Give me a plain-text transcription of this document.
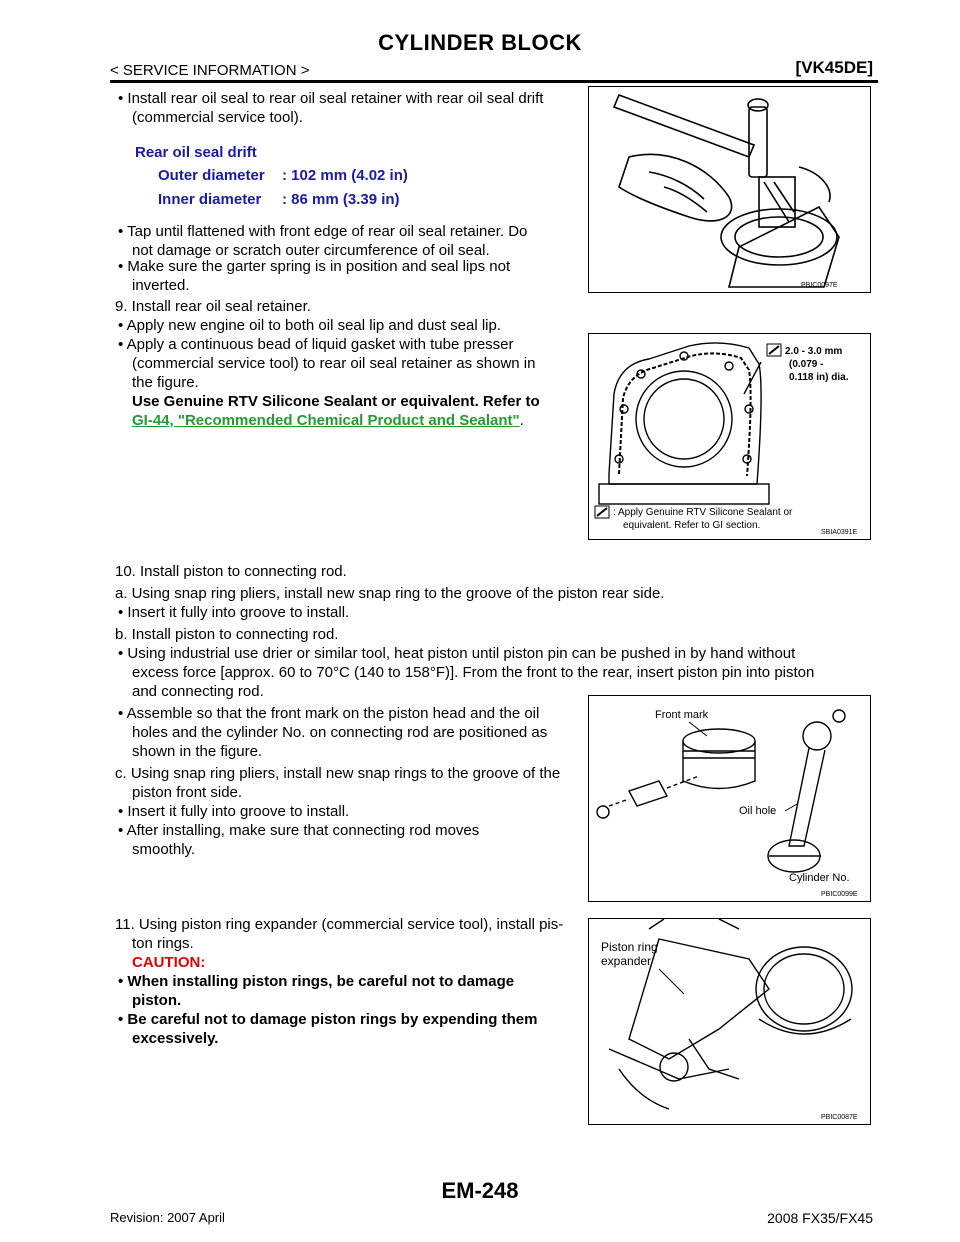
CYLINDER BLOCK
< SERVICE INFORMATION >	[VK45DE]
• Install rear oil seal to rear oil seal retainer with rear oil seal drift
(commercial service tool).
Rear oil seal drift
Outer diameter : 102 mm (4.02 in)
Inner diameter : 86 mm (3.39 in)
• Tap until flattened with front edge of rear oil seal retainer. Do
not damage or scratch outer circumference of oil seal.
• Make sure the garter spring is in position and seal lips not
inverted.
9. Install rear oil seal retainer.
• Apply new engine oil to both oil seal lip and dust seal lip.
• Apply a continuous bead of liquid gasket with tube presser
(commercial service tool) to rear oil seal retainer as shown in
the figure.
Use Genuine RTV Silicone Sealant or equivalent. Refer to
GI-44, "Recommended Chemical Product and Sealant".
10. Install piston to connecting rod.
a. Using snap ring pliers, install new snap ring to the groove of the piston rear side.
• Insert it fully into groove to install.
b. Install piston to connecting rod.
• Using industrial use drier or similar tool, heat piston until piston pin can be pushed in by hand without
excess force [approx. 60 to 70°C (140 to 158°F)]. From the front to the rear, insert piston pin into piston
and connecting rod.
• Assemble so that the front mark on the piston head and the oil
holes and the cylinder No. on connecting rod are positioned as
shown in the figure.
c. Using snap ring pliers, install new snap rings to the groove of the
piston front side.
• Insert it fully into groove to install.
• After installing, make sure that connecting rod moves
smoothly.
11. Using piston ring expander (commercial service tool), install pis-
ton rings.
CAUTION:
• When installing piston rings, be careful not to damage
piston.
• Be careful not to damage piston rings by expending them
excessively.
PBIC0097E
2.0 - 3.0 mm
(0.079 -
0.118 in) dia.
: Apply Genuine RTV Silicone Sealant or
equivalent. Refer to GI section.
SBIA0391E
Front mark
Oil hole
Cylinder No.
PBIC0099E
Piston ring
expander
PBIC0087E
EM-248
Revision: 2007 April	2008 FX35/FX45
